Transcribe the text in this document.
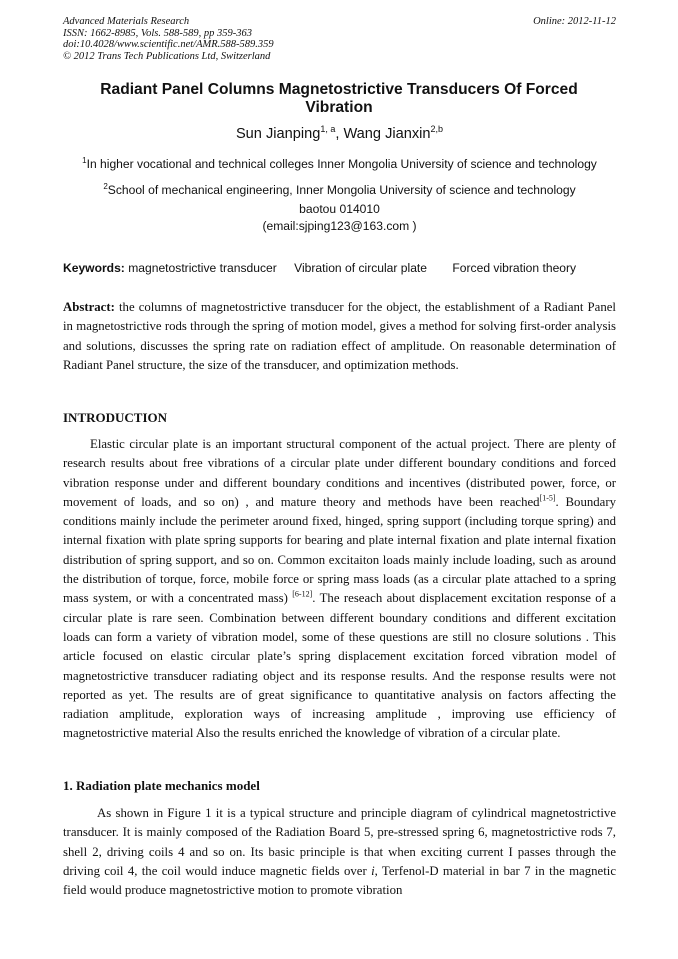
Advanced Materials Research
ISSN: 1662-8985, Vols. 588-589, pp 359-363
doi:10.4028/www.scientific.net/AMR.588-589.359
© 2012 Trans Tech Publications Ltd, Switzerland
Online: 2012-11-12
Radiant Panel Columns Magnetostrictive Transducers Of Forced Vibration
Sun Jianping$^{1, a}$, Wang Jianxin$^{2,b}$
$^1$In higher vocational and technical colleges Inner Mongolia University of science and technology
$^2$School of mechanical engineering, Inner Mongolia University of science and technology
baotou 014010
(email:sjping123@163.com )
Keywords: magnetostrictive transducer Vibration of circular plate Forced vibration theory
Abstract: the columns of magnetostrictive transducer for the object, the establishment of a Radiant Panel in magnetostrictive rods through the spring of motion model, gives a method for solving first-order analysis and solutions, discusses the spring rate on radiation effect of amplitude. On reasonable determination of Radiant Panel structure, the size of the transducer, and optimization methods.
INTRODUCTION
Elastic circular plate is an important structural component of the actual project. There are plenty of research results about free vibrations of a circular plate under different boundary conditions and forced vibration response under and different boundary conditions and incentives (distributed power, force, or movement of loads, and so on) , and mature theory and methods have been reached[1-5]. Boundary conditions mainly include the perimeter around fixed, hinged, spring support (including torque spring) and internal fixation with plate spring supports for bearing and plate internal fixation and plate internal fixation distribution of spring support, and so on. Common excitaiton loads mainly include loading, such as around the distribution of torque, force, mobile force or spring mass loads (as a circular plate attached to a spring mass system, or with a concentrated mass) [6-12]. The reseach about displacement excitation response of a circular plate is rare seen. Combination between different boundary conditions and different excitation loads can form a variety of vibration model, some of these questions are still no closure solutions . This article focused on elastic circular plate’s spring displacement excitation forced vibration model of magnetostrictive transducer radiating object and its response results. And the response results were not reported as yet. The results are of great significance to quantitative analysis on factors affecting the radiation amplitude, exploration ways of increasing amplitude , improving use efficiency of magnetostrictive material Also the results enriched the knowledge of vibration of a circular plate.
1. Radiation plate mechanics model
As shown in Figure 1 it is a typical structure and principle diagram of cylindrical magnetostrictive transducer. It is mainly composed of the Radiation Board 5, pre-stressed spring 6, magnetostrictive rods 7, shell 2, driving coils 4 and so on. Its basic principle is that when exciting current I passes through the driving coil 4, the coil would induce magnetic fields over i, Terfenol-D material in bar 7 in the magnetic field would produce magnetostrictive motion to promote vibration
